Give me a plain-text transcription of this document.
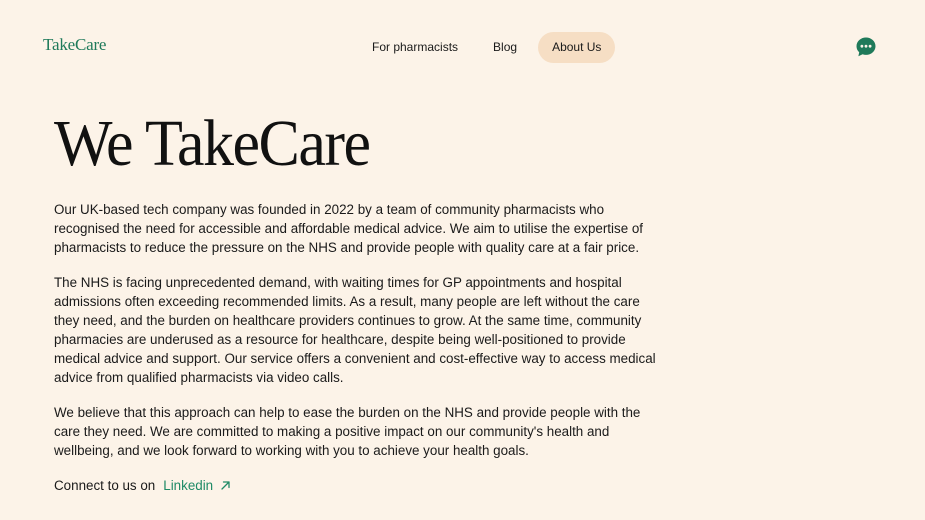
TakeCare	For pharmacists	Blog	About Us
We TakeCare

Our UK-based tech company was founded in 2022 by a team of community pharmacists who recognised the need for accessible and affordable medical advice. We aim to utilise the expertise of pharmacists to reduce the pressure on the NHS and provide people with quality care at a fair price.

The NHS is facing unprecedented demand, with waiting times for GP appointments and hospital admissions often exceeding recommended limits. As a result, many people are left without the care they need, and the burden on healthcare providers continues to grow. At the same time, community pharmacies are underused as a resource for healthcare, despite being well-positioned to provide medical advice and support. Our service offers a convenient and cost-effective way to access medical advice from qualified pharmacists via video calls.

We believe that this approach can help to ease the burden on the NHS and provide people with the care they need. We are committed to making a positive impact on our community's health and wellbeing, and we look forward to working with you to achieve your health goals.

Connect to us on Linkedin
